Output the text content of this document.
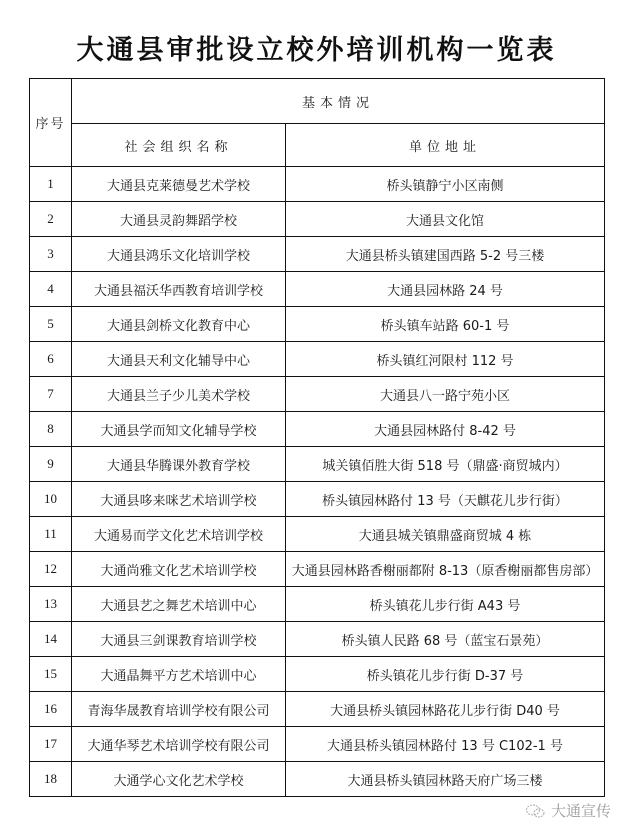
大通县审批设立校外培训机构一览表
序号	基本情况	
	社会组织名称	单位地址
1	大通县克莱德曼艺术学校	桥头镇静宁小区南侧
2	大通县灵韵舞蹈学校	大通县文化馆
3	大通县鸿乐文化培训学校	大通县桥头镇建国西路 5-2 号三楼
4	大通县福沃华西教育培训学校	大通县园林路 24 号
5	大通县剑桥文化教育中心	桥头镇车站路 60-1 号
6	大通县天利文化辅导中心	桥头镇红河限村 112 号
7	大通县兰子少儿美术学校	大通县八一路宁苑小区
8	大通县学而知文化辅导学校	大通县园林路付 8-42 号
9	大通县华腾课外教育学校	城关镇佰胜大街 518 号（鼎盛·商贸城内）
10	大通县哆来咪艺术培训学校	桥头镇园林路付 13 号（天麒花儿步行街）
11	大通易而学文化艺术培训学校	大通县城关镇鼎盛商贸城 4 栋
12	大通尚雅文化艺术培训学校	大通县园林路香榭丽都附 8-13（原香榭丽都售房部）
13	大通县艺之舞艺术培训中心	桥头镇花儿步行街 A43 号
14	大通县三剑课教育培训学校	桥头镇人民路 68 号（蓝宝石景苑）
15	大通晶舞平方艺术培训中心	桥头镇花儿步行街 D-37 号
16	青海华晟教育培训学校有限公司	大通县桥头镇园林路花儿步行街 D40 号
17	大通华琴艺术培训学校有限公司	大通县桥头镇园林路付 13 号 C102-1 号
18	大通学心文化艺术学校	大通县桥头镇园林路天府广场三楼
大通宣传
